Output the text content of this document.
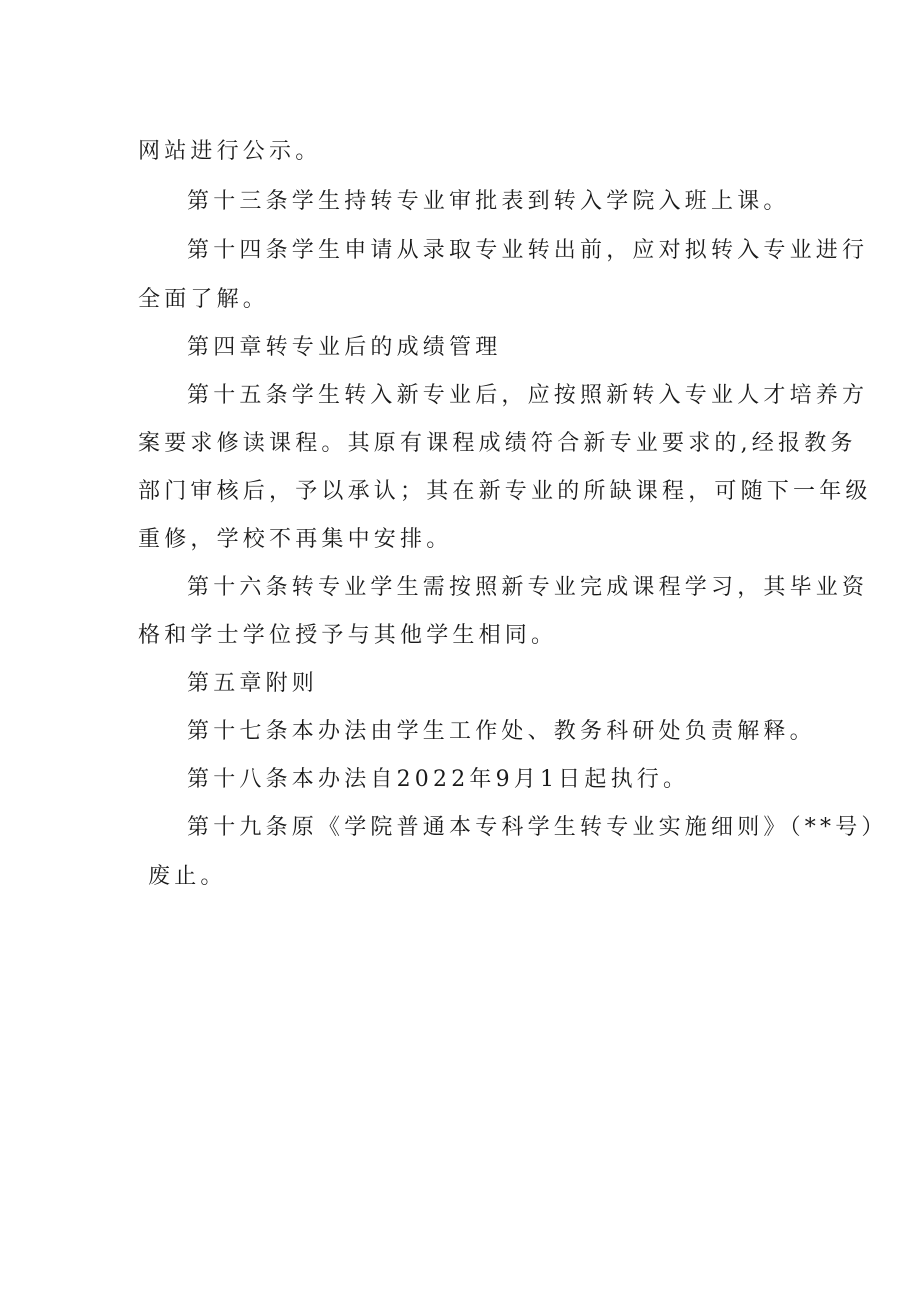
网站进行公示。
第十三条学生持转专业审批表到转入学院入班上课。
第十四条学生申请从录取专业转出前，应对拟转入专业进行
全面了解。
第四章转专业后的成绩管理
第十五条学生转入新专业后，应按照新转入专业人才培养方
案要求修读课程。其原有课程成绩符合新专业要求的,经报教务
部门审核后，予以承认；其在新专业的所缺课程，可随下一年级
重修，学校不再集中安排。
第十六条转专业学生需按照新专业完成课程学习，其毕业资
格和学士学位授予与其他学生相同。
第五章附则
第十七条本办法由学生工作处、教务科研处负责解释。
第十八条本办法自2022年9月1日起执行。
第十九条原《学院普通本专科学生转专业实施细则》（**号）
废止。
